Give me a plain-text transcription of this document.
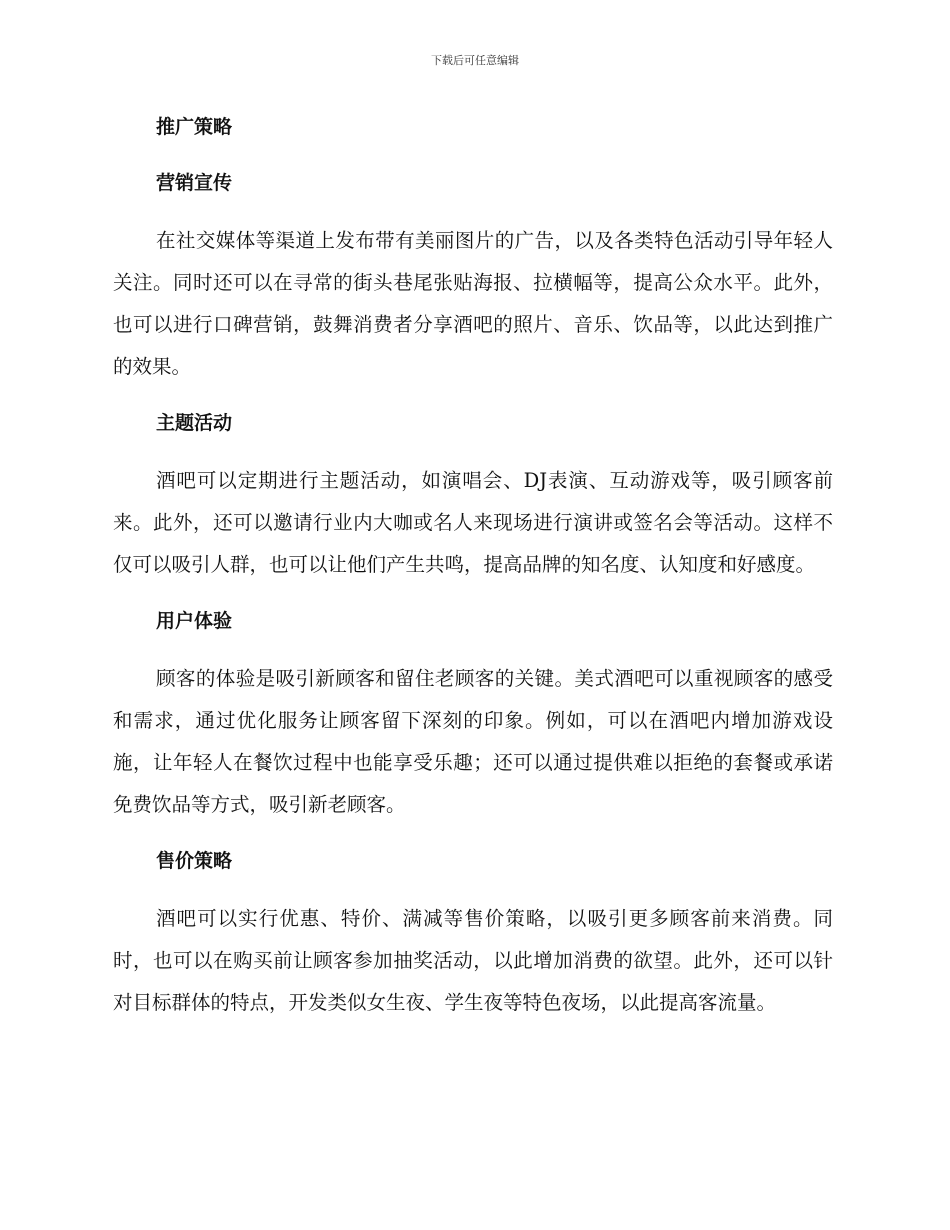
下载后可任意编辑
推广策略
营销宣传

在社交媒体等渠道上发布带有美丽图片的广告，以及各类特色活动引导年轻人关注。同时还可以在寻常的街头巷尾张贴海报、拉横幅等，提高公众水平。此外，也可以进行口碑营销，鼓舞消费者分享酒吧的照片、音乐、饮品等，以此达到推广的效果。

主题活动

酒吧可以定期进行主题活动，如演唱会、DJ表演、互动游戏等，吸引顾客前来。此外，还可以邀请行业内大咖或名人来现场进行演讲或签名会等活动。这样不仅可以吸引人群，也可以让他们产生共鸣，提高品牌的知名度、认知度和好感度。

用户体验

顾客的体验是吸引新顾客和留住老顾客的关键。美式酒吧可以重视顾客的感受和需求，通过优化服务让顾客留下深刻的印象。例如，可以在酒吧内增加游戏设施，让年轻人在餐饮过程中也能享受乐趣；还可以通过提供难以拒绝的套餐或承诺免费饮品等方式，吸引新老顾客。

售价策略

酒吧可以实行优惠、特价、满减等售价策略，以吸引更多顾客前来消费。同时，也可以在购买前让顾客参加抽奖活动，以此增加消费的欲望。此外，还可以针对目标群体的特点，开发类似女生夜、学生夜等特色夜场，以此提高客流量。
